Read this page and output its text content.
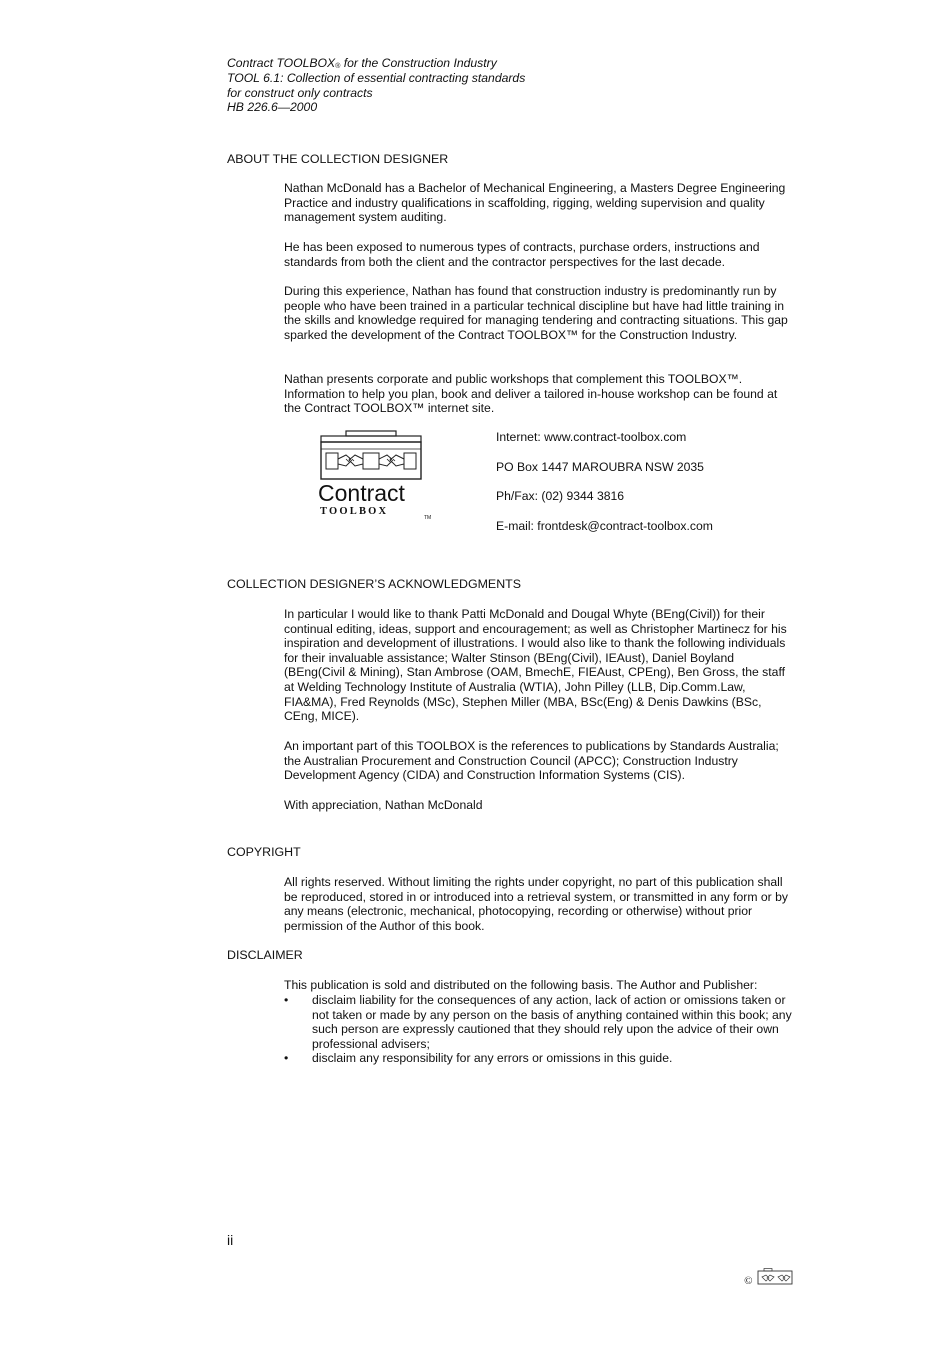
Contract $TOOLBOX_®$ for the Construction Industry
TOOL 6.1: Collection of essential contracting standards
for construct only contracts
HB 226.6—2000
ABOUT THE COLLECTION DESIGNER

Nathan McDonald has a Bachelor of Mechanical Engineering, a Masters Degree Engineering Practice and industry qualifications in scaffolding, rigging, welding supervision and quality management system auditing.

He has been exposed to numerous types of contracts, purchase orders, instructions and standards from both the client and the contractor perspectives for the last decade.

During this experience, Nathan has found that construction industry is predominantly run by people who have been trained in a particular technical discipline but have had little training in the skills and knowledge required for managing tendering and contracting situations. This gap sparked the development of the Contract TOOLBOX™ for the Construction Industry.

Nathan presents corporate and public workshops that complement this TOOLBOX™. Information to help you plan, book and deliver a tailored in-house workshop can be found at the Contract TOOLBOX™ internet site.

Contract
TOOLBOX
TM
Internet: www.contract-toolbox.com
PO Box 1447 MAROUBRA NSW 2035
Ph/Fax: (02) 9344 3816
E-mail: frontdesk@contract-toolbox.com
COLLECTION DESIGNER’S ACKNOWLEDGMENTS

In particular I would like to thank Patti McDonald and Dougal Whyte (BEng(Civil)) for their continual editing, ideas, support and encouragement; as well as Christopher Martinecz for his inspiration and development of illustrations. I would also like to thank the following individuals for their invaluable assistance; Walter Stinson (BEng(Civil), IEAust), Daniel Boyland (BEng(Civil & Mining), Stan Ambrose (OAM, BmechE, FIEAust, CPEng), Ben Gross, the staff at Welding Technology Institute of Australia (WTIA), John Pilley (LLB, Dip.Comm.Law, FIA&MA), Fred Reynolds (MSc), Stephen Miller (MBA, BSc(Eng) & Denis Dawkins (BSc, CEng, MICE).

An important part of this TOOLBOX is the references to publications by Standards Australia; the Australian Procurement and Construction Council (APCC); Construction Industry Development Agency (CIDA) and Construction Information Systems (CIS).

With appreciation, Nathan McDonald

COPYRIGHT

All rights reserved. Without limiting the rights under copyright, no part of this publication shall be reproduced, stored in or introduced into a retrieval system, or transmitted in any form or by any means (electronic, mechanical, photocopying, recording or otherwise) without prior permission of the Author of this book.

DISCLAIMER

This publication is sold and distributed on the following basis. The Author and Publisher:

• disclaim liability for the consequences of any action, lack of action or omissions taken or not taken or made by any person on the basis of anything contained within this book; any such person are expressly cautioned that they should rely upon the advice of their own professional advisers;
• disclaim any responsibility for any errors or omissions in this guide.
ii
©
